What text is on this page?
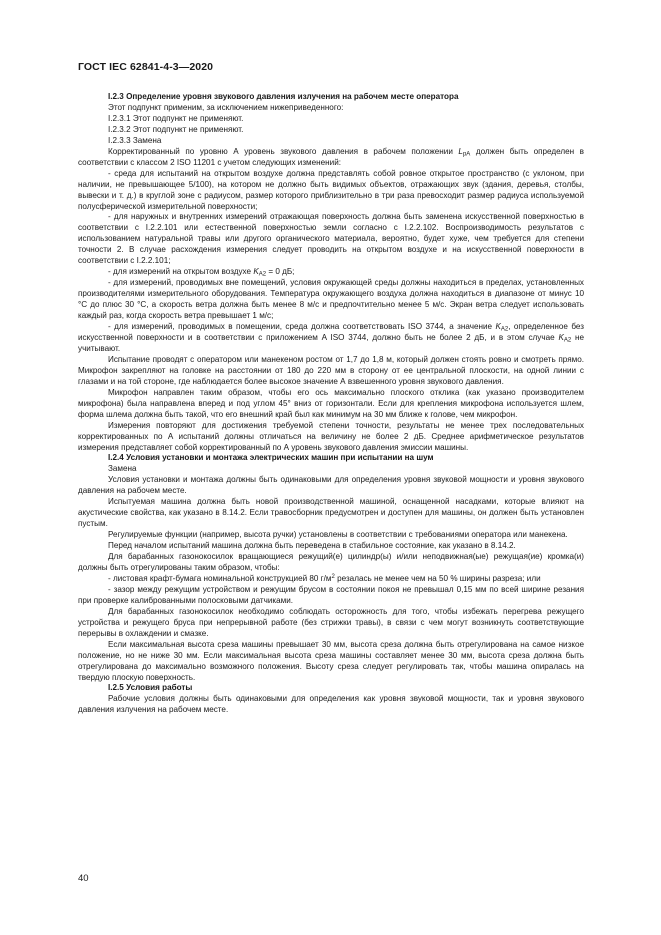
ГОСТ IEC 62841-4-3—2020

I.2.3 Определение уровня звукового давления излучения на рабочем месте оператора

Этот подпункт применим, за исключением нижеприведенного:

I.2.3.1 Этот подпункт не применяют.

I.2.3.2 Этот подпункт не применяют.

I.2.3.3 Замена

Корректированный по уровню А уровень звукового давления в рабочем положении $L_{pA}$ должен быть определен в соответствии с классом 2 ISO 11201 с учетом следующих изменений:

- среда для испытаний на открытом воздухе должна представлять собой ровное открытое пространство (с уклоном, при наличии, не превышающее 5/100), на котором не должно быть видимых объектов, отражающих звук (здания, деревья, столбы, вывески и т. д.) в круглой зоне с радиусом, размер которого приблизительно в три раза превосходит размер радиуса используемой полусферической измерительной поверхности;

- для наружных и внутренних измерений отражающая поверхность должна быть заменена искусственной поверхностью в соответствии с I.2.2.101 или естественной поверхностью земли согласно с I.2.2.102. Воспроизводимость результатов с использованием натуральной травы или другого органического материала, вероятно, будет хуже, чем требуется для степени точности 2. В случае расхождения измерения следует проводить на открытом воздухе и на искусственной поверхности в соответствии с I.2.2.101;

- для измерений на открытом воздухе $K_{A2} = 0$ дБ;

- для измерений, проводимых вне помещений, условия окружающей среды должны находиться в пределах, установленных производителями измерительного оборудования. Температура окружающего воздуха должна находиться в диапазоне от минус 10 °С до плюс 30 °С, а скорость ветра должна быть менее 8 м/с и предпочтительно менее 5 м/с. Экран ветра следует использовать каждый раз, когда скорость ветра превышает 1 м/с;

- для измерений, проводимых в помещении, среда должна соответствовать ISO 3744, а значение $K_{A2}$, определенное без искусственной поверхности и в соответствии с приложением A ISO 3744, должно быть не более 2 дБ, и в этом случае $K_{A2}$ не учитывают.

Испытание проводят с оператором или манекеном ростом от 1,7 до 1,8 м, который должен стоять ровно и смотреть прямо. Микрофон закрепляют на головке на расстоянии от 180 до 220 мм в сторону от ее центральной плоскости, на одной линии с глазами и на той стороне, где наблюдается более высокое значение А взвешенного уровня звукового давления.

Микрофон направлен таким образом, чтобы его ось максимально плоского отклика (как указано производителем микрофона) была направлена вперед и под углом 45° вниз от горизонтали. Если для крепления микрофона используется шлем, форма шлема должна быть такой, что его внешний край был как минимум на 30 мм ближе к голове, чем микрофон.

Измерения повторяют для достижения требуемой степени точности, результаты не менее трех последовательных корректированных по А испытаний должны отличаться на величину не более 2 дБ. Среднее арифметическое результатов измерения представляет собой корректированный по А уровень звукового давления эмиссии машины.

I.2.4 Условия установки и монтажа электрических машин при испытании на шум

Замена

Условия установки и монтажа должны быть одинаковыми для определения уровня звуковой мощности и уровня звукового давления на рабочем месте.

Испытуемая машина должна быть новой производственной машиной, оснащенной насадками, которые влияют на акустические свойства, как указано в 8.14.2. Если травосборник предусмотрен и доступен для машины, он должен быть установлен пустым.

Регулируемые функции (например, высота ручки) установлены в соответствии с требованиями оператора или манекена.

Перед началом испытаний машина должна быть переведена в стабильное состояние, как указано в 8.14.2.

Для барабанных газонокосилок вращающиеся режущий(е) цилиндр(ы) и/или неподвижная(ые) режущая(ие) кромка(и) должны быть отрегулированы таким образом, чтобы:

- листовая крафт-бумага номинальной конструкцией 80 $г/м^2$ резалась не менее чем на 50 % ширины разреза; или

- зазор между режущим устройством и режущим брусом в состоянии покоя не превышал 0,15 мм по всей ширине резания при проверке калиброванными полосковыми датчиками.

Для барабанных газонокосилок необходимо соблюдать осторожность для того, чтобы избежать перегрева режущего устройства и режущего бруса при непрерывной работе (без стрижки травы), в связи с чем могут возникнуть соответствующие перерывы в охлаждении и смазке.

Если максимальная высота среза машины превышает 30 мм, высота среза должна быть отрегулирована на самое низкое положение, но не ниже 30 мм. Если максимальная высота среза машины составляет менее 30 мм, высота среза должна быть отрегулирована до максимально возможного положения. Высоту среза следует регулировать так, чтобы машина опиралась на твердую плоскую поверхность.

I.2.5 Условия работы

Рабочие условия должны быть одинаковыми для определения как уровня звуковой мощности, так и уровня звукового давления излучения на рабочем месте.

40
